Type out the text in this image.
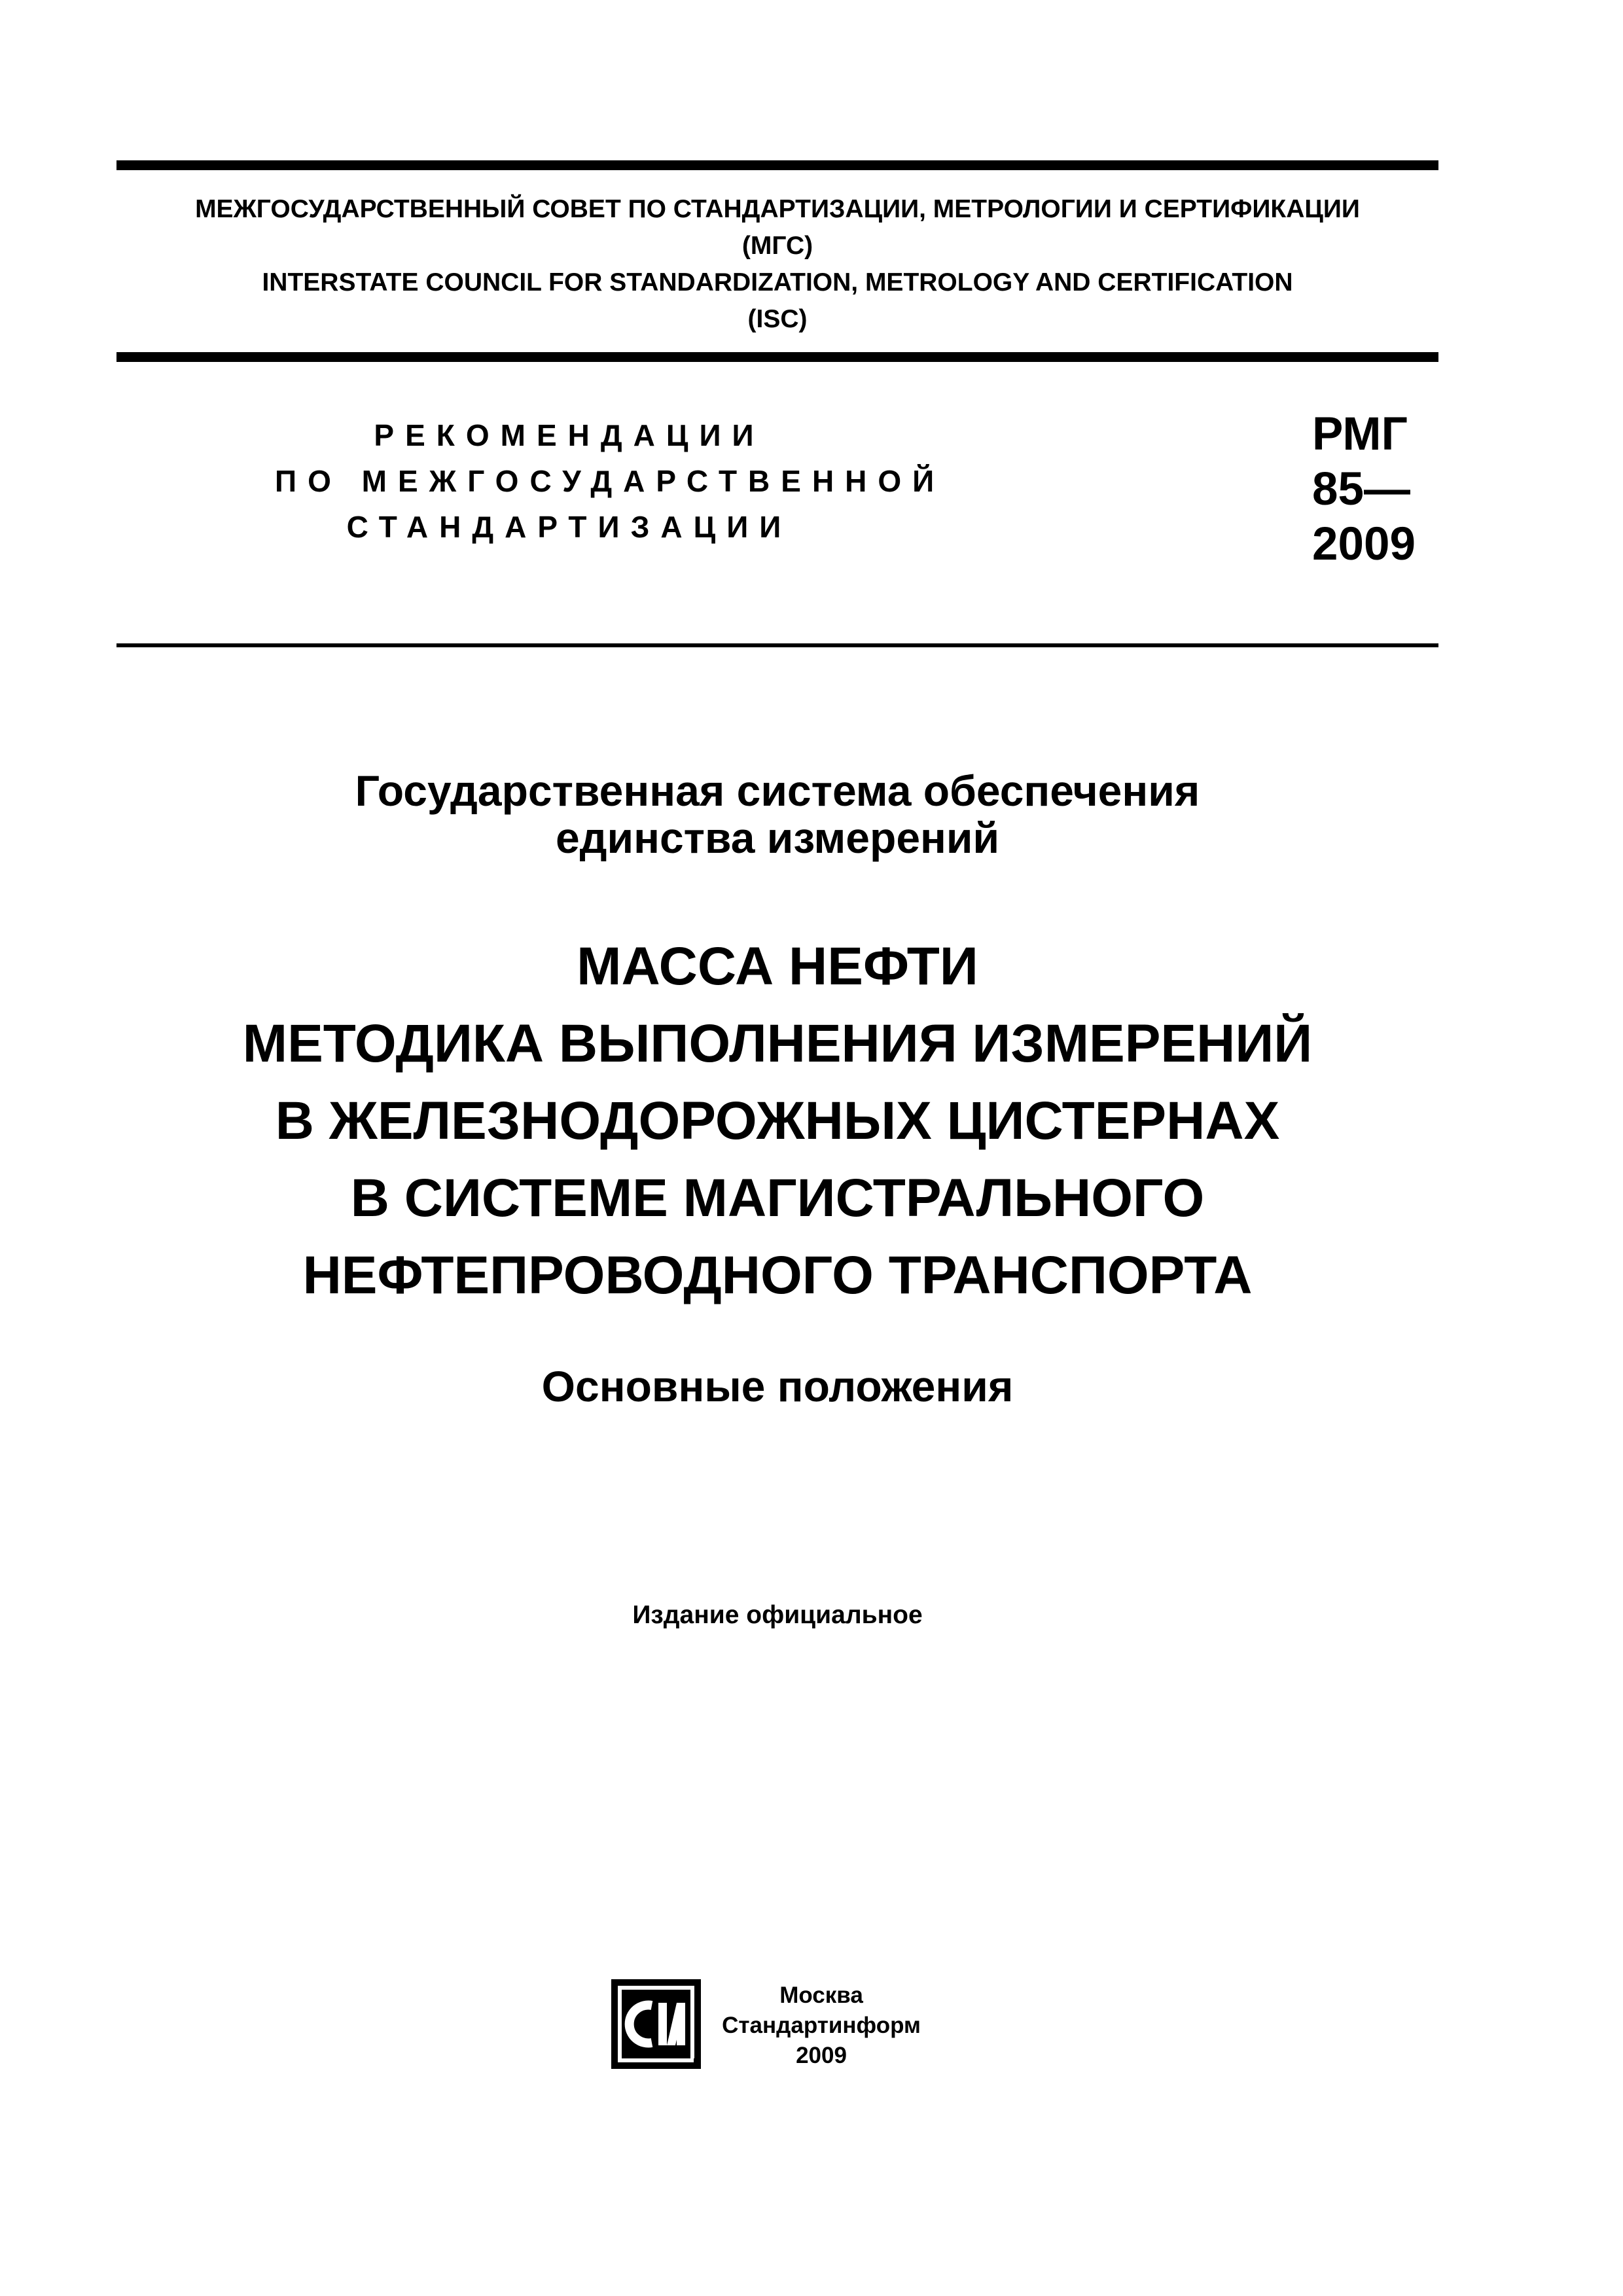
МЕЖГОСУДАРСТВЕННЫЙ СОВЕТ ПО СТАНДАРТИЗАЦИИ, МЕТРОЛОГИИ И СЕРТИФИКАЦИИ
(МГС)
INTERSTATE COUNCIL FOR STANDARDIZATION, METROLOGY AND CERTIFICATION
(ISC)
РЕКОМЕНДАЦИИ
ПО МЕЖГОСУДАРСТВЕННОЙ
СТАНДАРТИЗАЦИИ
РМГ
85—
2009
Государственная система обеспечения
единства измерений
МАССА НЕФТИ
МЕТОДИКА ВЫПОЛНЕНИЯ ИЗМЕРЕНИЙ
В ЖЕЛЕЗНОДОРОЖНЫХ ЦИСТЕРНАХ
В СИСТЕМЕ МАГИСТРАЛЬНОГО
НЕФТЕПРОВОДНОГО ТРАНСПОРТА
Основные положения
Издание официальное
Москва
Стандартинформ
2009
